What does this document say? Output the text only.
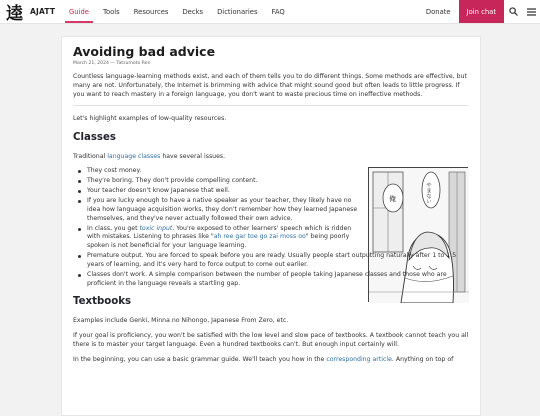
逵 AJATT	Guide	Tools	Resources	Decks	Dictionaries	FAQ	Donate	Join chat
Avoiding bad advice
March 21, 2024 — Tatsumoto Ren

Countless language-learning methods exist, and each of them tells you to do different things. Some methods are effective, but many are not. Unfortunately, the Internet is brimming with advice that might sound good but often leads to little progress. If you want to reach mastery in a foreign language, you don't want to waste precious time on ineffective methods.

Let's highlight examples of low-quality resources.

Classes

Traditional language classes have several issues.

俺	やまない
They cost money.
They're boring. They don't provide compelling content.
Your teacher doesn't know Japanese that well.
If you are lucky enough to have a native speaker as your teacher, they likely have no idea how language acquisition works, they don't remember how they learned Japanese themselves, and they've never actually followed their own advice.
In class, you get toxic input. You're exposed to other learners' speech which is ridden with mistakes. Listening to phrases like "ah ree gar toe go zai moss oo" being poorly spoken is not beneficial for your language learning.
Premature output. You are forced to speak before you are ready. Usually people start outputting naturally after 1 to 1.5 years of learning, and it's very hard to force output to come out earlier.
Classes don't work. A simple comparison between the number of people taking Japanese classes and those who are proficient in the language reveals a startling gap.
Textbooks

Examples include Genki, Minna no Nihongo, Japanese From Zero, etc.

If your goal is proficiency, you won't be satisfied with the low level and slow pace of textbooks. A textbook cannot teach you all there is to master your target language. Even a hundred textbooks can't. But enough input certainly will.

In the beginning, you can use a basic grammar guide. We'll teach you how in the corresponding article. Anything on top of
